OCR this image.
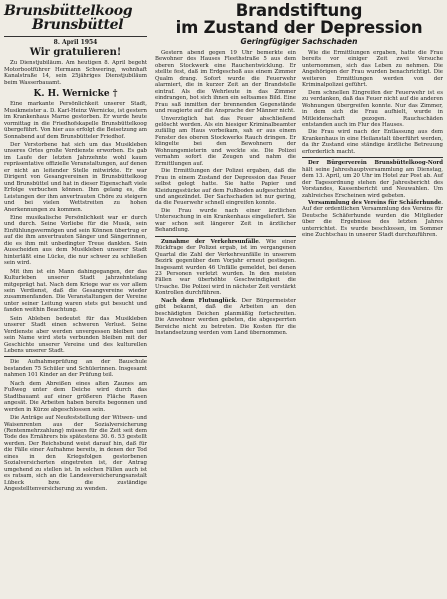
Brunsbüttelkoog
Brunsbüttel
8. April 1954
Wir gratulieren!

Zu Dienstjubiläum. Am heutigen 8. April begeht Motorbootführer Hermann Schwering, wohnhaft Kanalstraße 14, sein 25jähriges Dienstjubiläum beim Wasserbauamt.

K. H. Wernicke †

Eine markante Persönlichkeit unserer Stadt, Musikmeister a. D. Karl-Heinz Wernicke, ist gestern im Krankenhaus Marne gestorben. Er wurde heute vormittag in die Friedhofskapelle Brunsbüttelkoog übergeführt. Von hier aus erfolgt die Beisetzung am Sonnabend auf dem Brunsbütteler Friedhof.

Der Verstorbene hat sich um das Musikleben unseres Ortes große Verdienste erworben. Es gab im Laufe der letzten Jahrzehnte wohl kaum repräsentative offizielle Veranstaltungen, auf denen er nicht an leitender Stelle mitwirkte. Er war Dirigent von Gesangvereinen in Brunsbüttelkoog und Brunsbüttel und hat in dieser Eigenschaft viele Erfolge verbuchen können. Ihm gelang es, die Leistungen der ihm anvertrauten Chöre zu steigern und bei vielen Wettstreiten zu hohen Anerkennungen zu kommen.

Eine musikalische Persönlichkeit war er durch und durch. Seine Vorliebe für die Musik, sein Einfühlungsvermögen und sein Können übertrug er auf die ihm anvertrauten Sänger und Sängerinnen, die es ihm mit unbedingter Treue dankten. Sein Ausscheiden aus dem Musikleben unserer Stadt hinterläßt eine Lücke, die nur schwer zu schließen sein wird.

Mit ihm ist ein Mann dahingegangen, der das Kulturleben unserer Stadt jahrzehntelang mitgeprägt hat. Nach dem Kriege war es vor allem sein Verdienst, daß die Gesangvereine wieder zusammenfanden. Die Veranstaltungen der Vereine unter seiner Leitung waren stets gut besucht und fanden weithin Beachtung.

Sein Ableben bedeutet für das Musikleben unserer Stadt einen schweren Verlust. Seine Verdienste aber werden unvergessen bleiben und sein Name wird stets verbunden bleiben mit der Geschichte unserer Vereine und des kulturellen Lebens unserer Stadt.

Die Aufnahmeprüfung an der Bauschule bestanden 75 Schüler und Schülerinnen. Insgesamt nahmen 101 Kinder an der Prüfung teil.

Nach dem Abreißen eines alten Zaunes am Fußweg unter dem Deiche wird durch das Stadtbauamt auf einer größeren Fläche Rasen angesät. Die Arbeiten haben bereits begonnen und werden in Kürze abgeschlossen sein.

Die Anträge auf Neufeststellung der Witwen- und Waisenrenten aus der Sozialversicherung (Rentenmehrzahlung) müssen für die Zeit seit dem Tode des Ernährers bis spätestens 30. 6. 53 gestellt werden. Der Reichsbund weist darauf hin, daß für die Fälle einer Aufnahme bereits, in denen der Tod eines in den Kriegsfolgen gestorbenen Sozialversicherten eingetreten ist, der Antrag umgehend zu stellen ist. In solchen Fällen auch ist es ratsam, sich an die Landesversicherungsanstalt Lübeck bzw. die zuständige Angestelltenversicherung zu wenden.

Brandstiftung
im Zustand der Depression
Geringfügiger Sachschaden

Gestern abend gegen 19 Uhr bemerkte ein Bewohner des Hauses Fleethstraße 5 aus dem oberen Stockwerk eine Rauchentwicklung. Er stellte fest, daß im Erdgeschoß aus einem Zimmer Qualm drang. Sofort wurde die Feuerwehr alarmiert, die in kurzer Zeit an der Brandstelle eintraf. Als die Wehrleute in das Zimmer eindrangen, bot sich ihnen ein seltsames Bild. Eine Frau saß inmitten der brennenden Gegenstände und reagierte auf die Ansprache der Männer nicht.

Unverzüglich hat das Feuer abschließend gelöscht werden. Als ein hiesiger Kriminalbeamter zufällig am Haus vorbeikam, sah er aus einem Fenster des oberen Stockwerks Rauch dringen. Er klingelte bei den Bewohnern der Wohnungsmieterin und weckte sie. Die Polizei vernahm sofort die Zeugen und nahm die Ermittlungen auf.

Die Ermittlungen der Polizei ergaben, daß die Frau in einem Zustand der Depression das Feuer selbst gelegt hatte. Sie hatte Papier und Kleidungsstücke auf dem Fußboden aufgeschichtet und angezündet. Der Sachschaden ist nur gering, da die Feuerwehr schnell eingreifen konnte.

Die Frau wurde nach einer ärztlichen Untersuchung in ein Krankenhaus eingeliefert. Sie war schon seit längerer Zeit in ärztlicher Behandlung.

Zunahme der Verkehrsunfälle. Wie einer Rückfrage der Polizei ergab, ist im vergangenen Quartal die Zahl der Verkehrsunfälle in unserem Bezirk gegenüber dem Vorjahr erneut gestiegen. Insgesamt wurden 46 Unfälle gemeldet, bei denen 23 Personen verletzt wurden. In den meisten Fällen war überhöhte Geschwindigkeit die Ursache. Die Polizei wird in nächster Zeit verstärkt Kontrollen durchführen.

Nach dem Flutunglück. Der Bürgermeister gibt bekannt, daß die Arbeiten an den beschädigten Deichen planmäßig fortschreiten. Die Anwohner werden gebeten, die abgesperrten Bereiche nicht zu betreten. Die Kosten für die Instandsetzung werden vom Land übernommen.

Wie die Ermittlungen ergaben, hatte die Frau bereits vor einiger Zeit zwei Versuche unternommen, sich das Leben zu nehmen. Die Angehörigen der Frau wurden benachrichtigt. Die weiteren Ermittlungen werden von der Kriminalpolizei geführt.

Dem schnellen Eingreifen der Feuerwehr ist es zu verdanken, daß das Feuer nicht auf die anderen Wohnungen übergreifen konnte. Nur das Zimmer, in dem sich die Frau aufhielt, wurde in Mitleidenschaft gezogen. Rauchschäden entstanden auch im Flur des Hauses.

Die Frau wird nach der Entlassung aus dem Krankenhaus in eine Heilanstalt überführt werden, da ihr Zustand eine ständige ärztliche Betreuung erforderlich macht.

Der Bürgerverein Brunsbüttelkoog-Nord hält seine Jahreshauptversammlung am Dienstag, dem 13. April, um 20 Uhr im Hotel zur Post ab. Auf der Tagesordnung stehen der Jahresbericht des Vorstandes, Kassenbericht und Neuwahlen. Um zahlreiches Erscheinen wird gebeten.

Versammlung des Vereins für Schäferhunde. Auf der ordentlichen Versammlung des Vereins für Deutsche Schäferhunde wurden die Mitglieder über die Ergebnisse des letzten Jahres unterrichtet. Es wurde beschlossen, im Sommer eine Zuchtschau in unserer Stadt durchzuführen.
